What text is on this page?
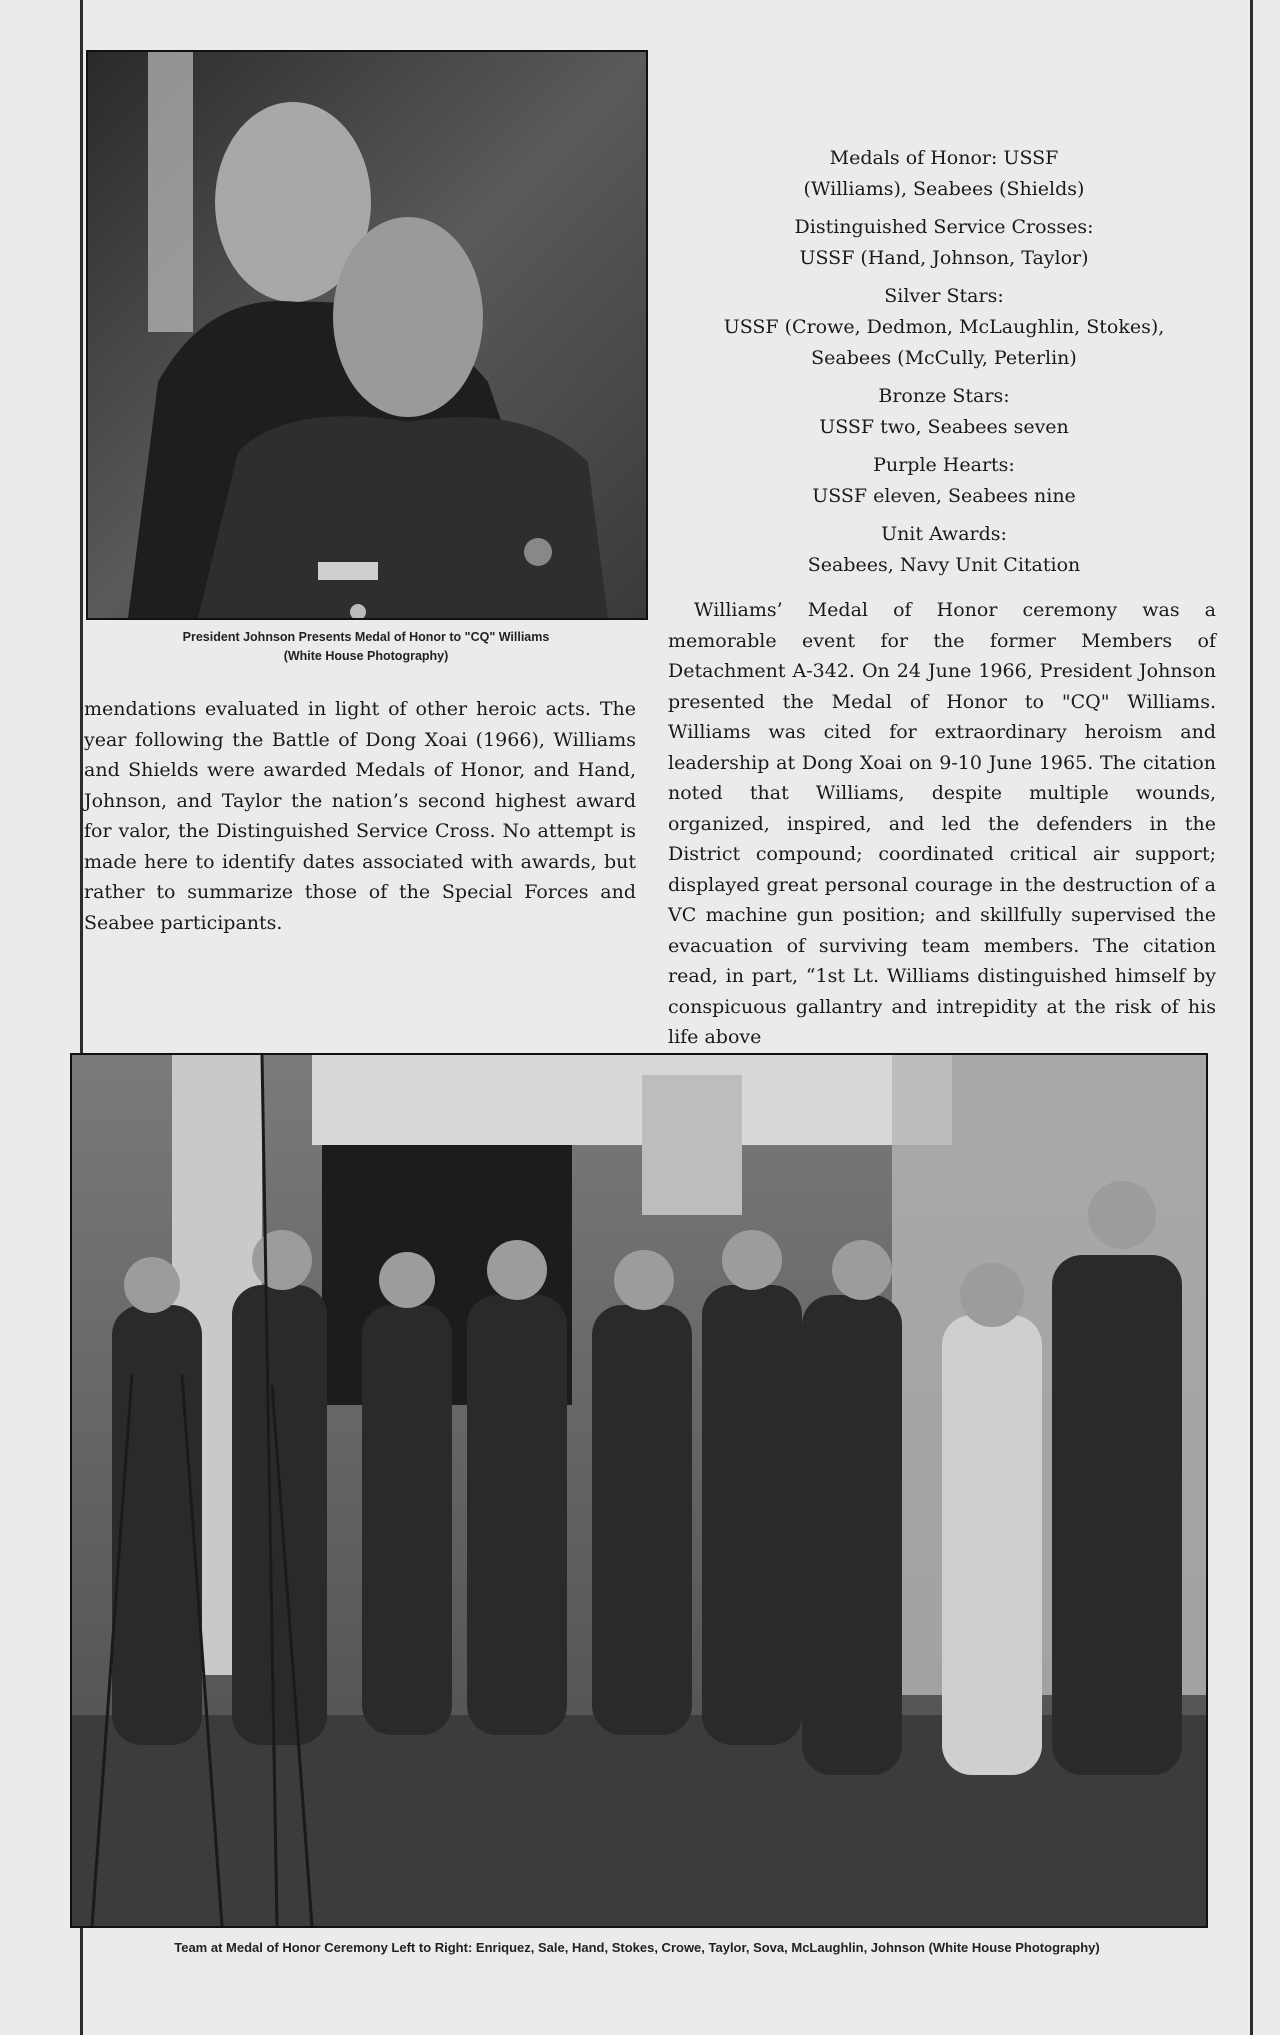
President Johnson Presents Medal of Honor to "CQ" Williams
(White House Photography)
Medals of Honor: USSF
(Williams), Seabees (Shields)
Distinguished Service Crosses:
USSF (Hand, Johnson, Taylor)
Silver Stars:
USSF (Crowe, Dedmon, McLaughlin, Stokes),
Seabees (McCully, Peterlin)
Bronze Stars:
USSF two, Seabees seven
Purple Hearts:
USSF eleven, Seabees nine
Unit Awards:
Seabees, Navy Unit Citation

mendations evaluated in light of other heroic acts. The year following the Battle of Dong Xoai (1966), Williams and Shields were awarded Medals of Honor, and Hand, Johnson, and Taylor the nation’s second highest award for valor, the Distinguished Service Cross. No attempt is made here to identify dates associated with awards, but rather to summarize those of the Special Forces and Seabee participants.

Williams’ Medal of Honor ceremony was a memorable event for the former Members of Detachment A-342. On 24 June 1966, President Johnson presented the Medal of Honor to "CQ" Williams. Williams was cited for extraordinary heroism and leadership at Dong Xoai on 9-10 June 1965. The citation noted that Williams, despite multiple wounds, organized, inspired, and led the defenders in the District compound; coordinated critical air support; displayed great personal courage in the destruction of a VC machine gun position; and skillfully supervised the evacuation of surviving team members. The citation read, in part, “1st Lt. Williams distinguished himself by conspicuous gallantry and intrepidity at the risk of his life above

Team at Medal of Honor Ceremony Left to Right: Enriquez, Sale, Hand, Stokes, Crowe, Taylor, Sova, McLaughlin, Johnson (White House Photography)
